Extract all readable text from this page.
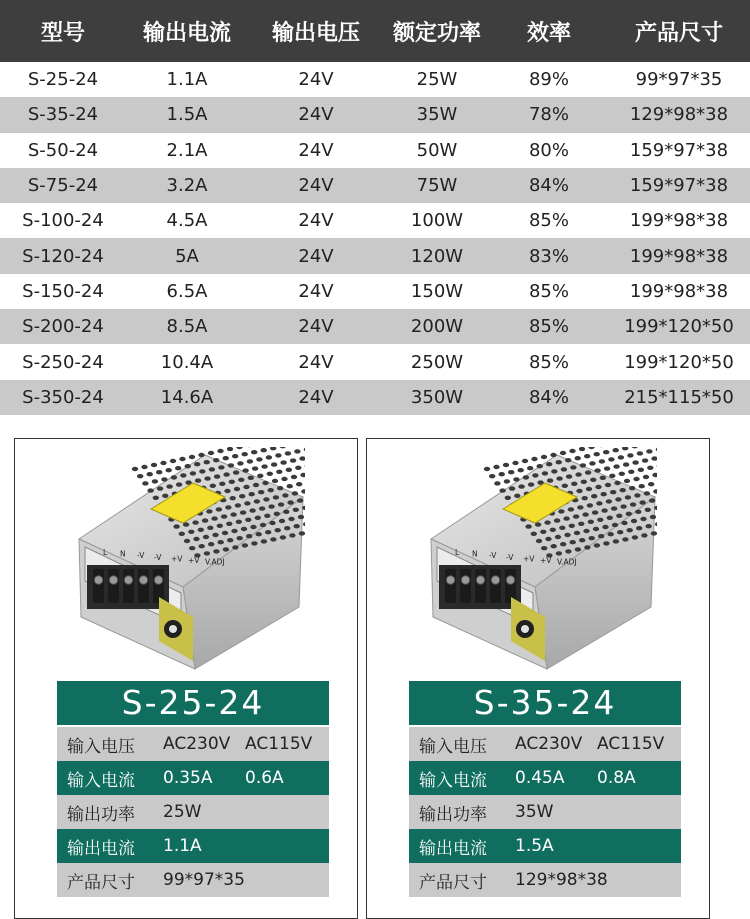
型号	输出电流	输出电压	额定功率	效率	产品尺寸
S-25-24	1.1A	24V	25W	89%	99*97*35
S-35-24	1.5A	24V	35W	78%	129*98*38
S-50-24	2.1A	24V	50W	80%	159*97*38
S-75-24	3.2A	24V	75W	84%	159*97*38
S-100-24	4.5A	24V	100W	85%	199*98*38
S-120-24	5A	24V	120W	83%	199*98*38
S-150-24	6.5A	24V	150W	85%	199*98*38
S-200-24	8.5A	24V	200W	85%	199*120*50
S-250-24	10.4A	24V	250W	85%	199*120*50
S-350-24	14.6A	24V	350W	84%	215*115*50
L N -V -V +V +V V.ADJ
S-25-24
输入电压	AC230V AC115V
输入电流	0.35A	0.6A
输出功率	25W
输出电流	1.1A
产品尺寸	99*97*35
L N -V -V +V +V V.ADJ
S-35-24
输入电压	AC230V AC115V
输入电流	0.45A	0.8A
输出功率	35W
输出电流	1.5A
产品尺寸	129*98*38
